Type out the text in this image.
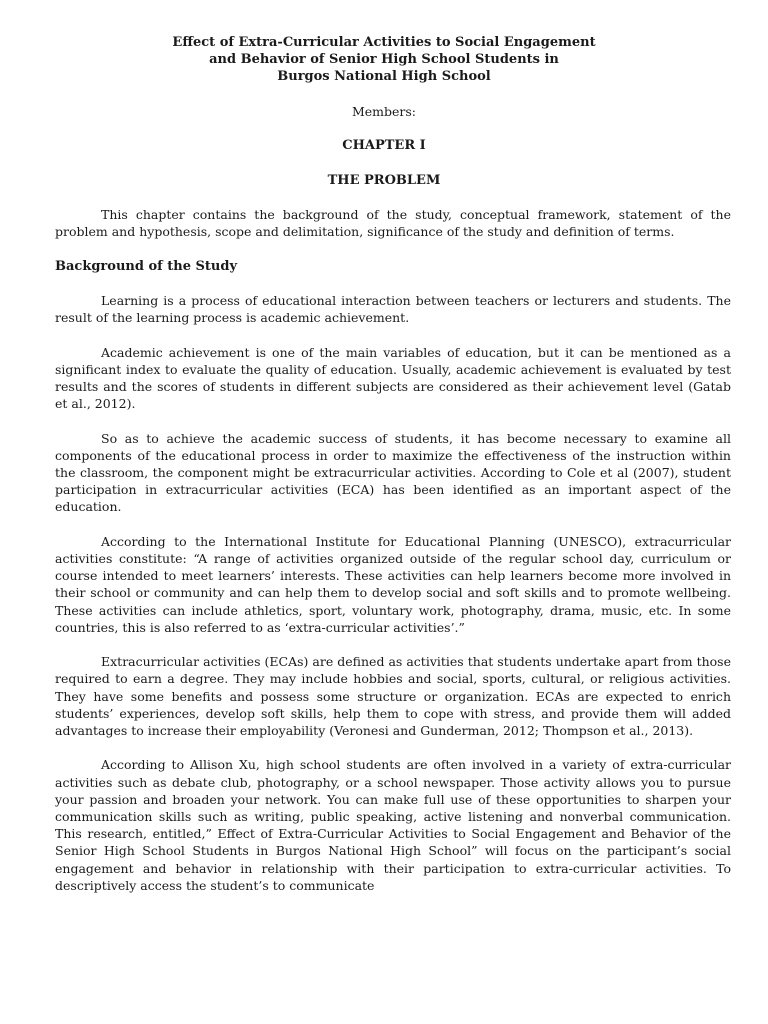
Effect of Extra-Curricular Activities to Social Engagement
and Behavior of Senior High School Students in
Burgos National High School
Members:
CHAPTER I
THE PROBLEM

This chapter contains the background of the study, conceptual framework, statement of the problem and hypothesis, scope and delimitation, significance of the study and definition of terms.

Background of the Study

Learning is a process of educational interaction between teachers or lecturers and students. The result of the learning process is academic achievement.

Academic achievement is one of the main variables of education, but it can be mentioned as a significant index to evaluate the quality of education. Usually, academic achievement is evaluated by test results and the scores of students in different subjects are considered as their achievement level (Gatab et al., 2012).

So as to achieve the academic success of students, it has become necessary to examine all components of the educational process in order to maximize the effectiveness of the instruction within the classroom, the component might be extracurricular activities. According to Cole et al (2007), student participation in extracurricular activities (ECA) has been identified as an important aspect of the education.

According to the International Institute for Educational Planning (UNESCO), extracurricular activities constitute: “A range of activities organized outside of the regular school day, curriculum or course intended to meet learners’ interests. These activities can help learners become more involved in their school or community and can help them to develop social and soft skills and to promote wellbeing. These activities can include athletics, sport, voluntary work, photography, drama, music, etc. In some countries, this is also referred to as ‘extra-curricular activities’.”

Extracurricular activities (ECAs) are defined as activities that students undertake apart from those required to earn a degree. They may include hobbies and social, sports, cultural, or religious activities. They have some benefits and possess some structure or organization. ECAs are expected to enrich students’ experiences, develop soft skills, help them to cope with stress, and provide them will added advantages to increase their employability (Veronesi and Gunderman, 2012; Thompson et al., 2013).

According to Allison Xu, high school students are often involved in a variety of extra-curricular activities such as debate club, photography, or a school newspaper. Those activity allows you to pursue your passion and broaden your network. You can make full use of these opportunities to sharpen your communication skills such as writing, public speaking, active listening and nonverbal communication. This research, entitled,” Effect of Extra-Curricular Activities to Social Engagement and Behavior of the Senior High School Students in Burgos National High School” will focus on the participant’s social engagement and behavior in relationship with their participation to extra-curricular activities. To descriptively access the student’s to communicate
